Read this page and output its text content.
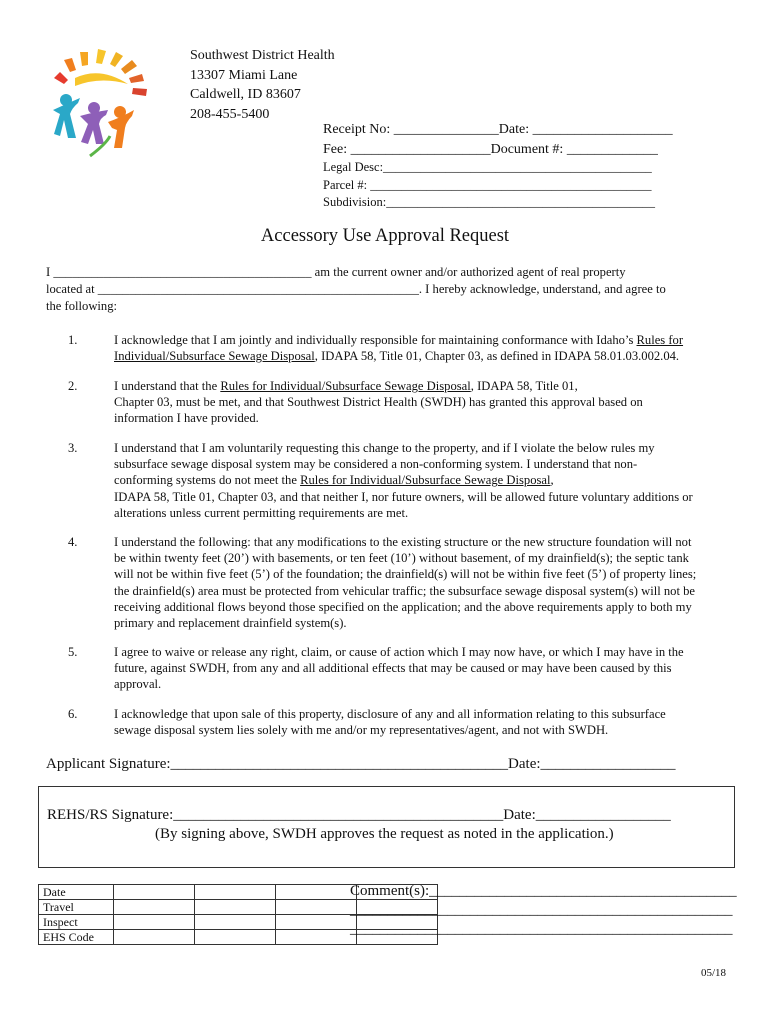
Southwest District Health
13307 Miami Lane
Caldwell, ID 83607
208-455-5400
Receipt No: _______________Date: ____________________
Fee: ____________________Document #: _____________
Legal Desc:___________________________________________
Parcel #: _____________________________________________
Subdivision:___________________________________________
Accessory Use Approval Request
I _________________________________________ am the current owner and/or authorized agent of real property
located at ___________________________________________________. I hereby acknowledge, understand, and agree to
the following:
1.	I acknowledge that I am jointly and individually responsible for maintaining conformance with Idaho’s Rules for
Individual/Subsurface Sewage Disposal, IDAPA 58, Title 01, Chapter 03, as defined in IDAPA 58.01.03.002.04.
2.	I understand that the Rules for Individual/Subsurface Sewage Disposal, IDAPA 58, Title 01,
Chapter 03, must be met, and that Southwest District Health (SWDH) has granted this approval based on
information I have provided.
3.	I understand that I am voluntarily requesting this change to the property, and if I violate the below rules my
subsurface sewage disposal system may be considered a non-conforming system. I understand that non-
conforming systems do not meet the Rules for Individual/Subsurface Sewage Disposal,
IDAPA 58, Title 01, Chapter 03, and that neither I, nor future owners, will be allowed future voluntary additions or
alterations unless current permitting requirements are met.
4.	I understand the following: that any modifications to the existing structure or the new structure foundation will not
be within twenty feet (20’) with basements, or ten feet (10’) without basement, of my drainfield(s); the septic tank
will not be within five feet (5’) of the foundation; the drainfield(s) will not be within five feet (5’) of property lines;
the drainfield(s) area must be protected from vehicular traffic; the subsurface sewage disposal system(s) will not be
receiving additional flows beyond those specified on the application; and the above requirements apply to both my
primary and replacement drainfield system(s).
5.	I agree to waive or release any right, claim, or cause of action which I may now have, or which I may have in the
future, against SWDH, from any and all additional effects that may be caused or may have been caused by this
approval.
6.	I acknowledge that upon sale of this property, disclosure of any and all information relating to this subsurface
sewage disposal system lies solely with me and/or my representatives/agent, and not with SWDH.
Applicant Signature:_____________________________________________Date:__________________
REHS/RS Signature:____________________________________________Date:__________________
(By signing above, SWDH approves the request as noted in the application.)
Date				
Travel				
Inspect				
EHS Code				
Comment(s):_________________________________________
___________________________________________________
___________________________________________________
05/18
